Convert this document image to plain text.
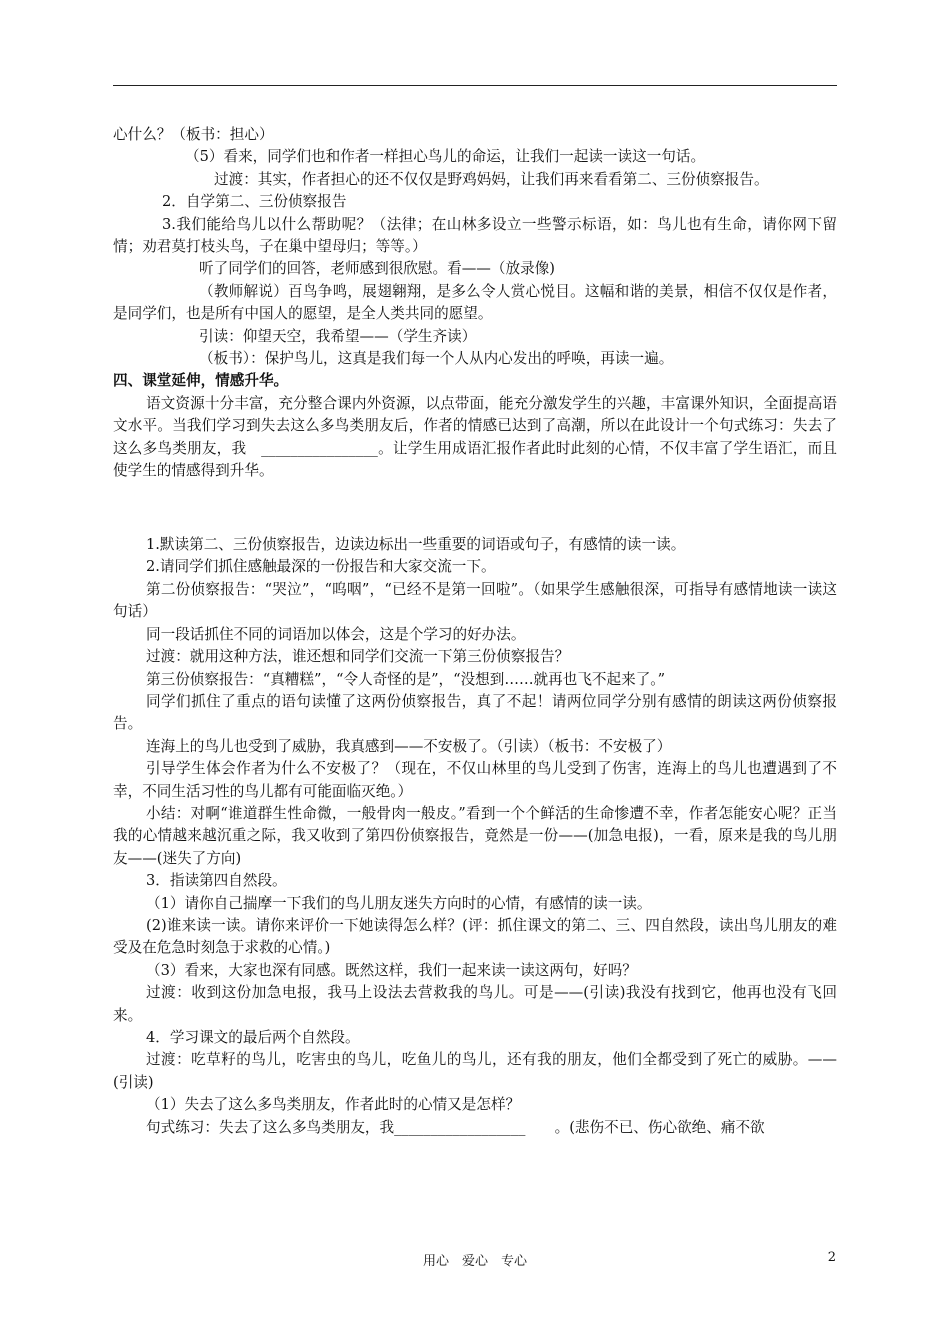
心什么？（板书：担心）

（5）看来，同学们也和作者一样担心鸟儿的命运，让我们一起读一读这一句话。

过渡：其实，作者担心的还不仅仅是野鸡妈妈，让我们再来看看第二、三份侦察报告。

2．自学第二、三份侦察报告

3.我们能给鸟儿以什么帮助呢？（法律；在山林多设立一些警示标语，如：鸟儿也有生命，请你网下留情；劝君莫打枝头鸟，子在巢中望母归；等等。）

听了同学们的回答，老师感到很欣慰。看——（放录像)

（教师解说）百鸟争鸣，展翅翱翔，是多么令人赏心悦目。这幅和谐的美景，相信不仅仅是作者，是同学们，也是所有中国人的愿望，是全人类共同的愿望。

引读：仰望天空，我希望——（学生齐读）

（板书）：保护鸟儿，这真是我们每一个人从内心发出的呼唤，再读一遍。

四、课堂延伸，情感升华。

语文资源十分丰富，充分整合课内外资源，以点带面，能充分激发学生的兴趣，丰富课外知识，全面提高语文水平。当我们学习到失去这么多鸟类朋友后，作者的情感已达到了高潮，所以在此设计一个句式练习：失去了这么多鸟类朋友，我　________________。让学生用成语汇报作者此时此刻的心情，不仅丰富了学生语汇，而且使学生的情感得到升华。

1.默读第二、三份侦察报告，边读边标出一些重要的词语或句子，有感情的读一读。

2.请同学们抓住感触最深的一份报告和大家交流一下。

第二份侦察报告：“哭泣”，“呜咽”，“已经不是第一回啦”。（如果学生感触很深，可指导有感情地读一读这句话）

同一段话抓住不同的词语加以体会，这是个学习的好办法。

过渡：就用这种方法，谁还想和同学们交流一下第三份侦察报告？

第三份侦察报告：“真糟糕”，“令人奇怪的是”，“没想到……就再也飞不起来了。”

同学们抓住了重点的语句读懂了这两份侦察报告，真了不起！请两位同学分别有感情的朗读这两份侦察报告。

连海上的鸟儿也受到了威胁，我真感到——不安极了。（引读）（板书：不安极了）

引导学生体会作者为什么不安极了？（现在，不仅山林里的鸟儿受到了伤害，连海上的鸟儿也遭遇到了不幸，不同生活习性的鸟儿都有可能面临灭绝。）

小结：对啊“谁道群生性命微，一般骨肉一般皮。”看到一个个鲜活的生命惨遭不幸，作者怎能安心呢？正当我的心情越来越沉重之际，我又收到了第四份侦察报告，竟然是一份——(加急电报)，一看，原来是我的鸟儿朋友——(迷失了方向)

3．指读第四自然段。

（1）请你自己揣摩一下我们的鸟儿朋友迷失方向时的心情，有感情的读一读。

(2)谁来读一读。请你来评价一下她读得怎么样？(评：抓住课文的第二、三、四自然段，读出鸟儿朋友的难受及在危急时刻急于求救的心情。)

（3）看来，大家也深有同感。既然这样，我们一起来读一读这两句，好吗？

过渡：收到这份加急电报，我马上设法去营救我的鸟儿。可是——(引读)我没有找到它，他再也没有飞回来。

4．学习课文的最后两个自然段。

过渡：吃草籽的鸟儿，吃害虫的鸟儿，吃鱼儿的鸟儿，还有我的朋友，他们全都受到了死亡的威胁。——(引读)

（1）失去了这么多鸟类朋友，作者此时的心情又是怎样？

句式练习：失去了这么多鸟类朋友，我__________________　　。(悲伤不已、伤心欲绝、痛不欲

用心　爱心　专心	2
